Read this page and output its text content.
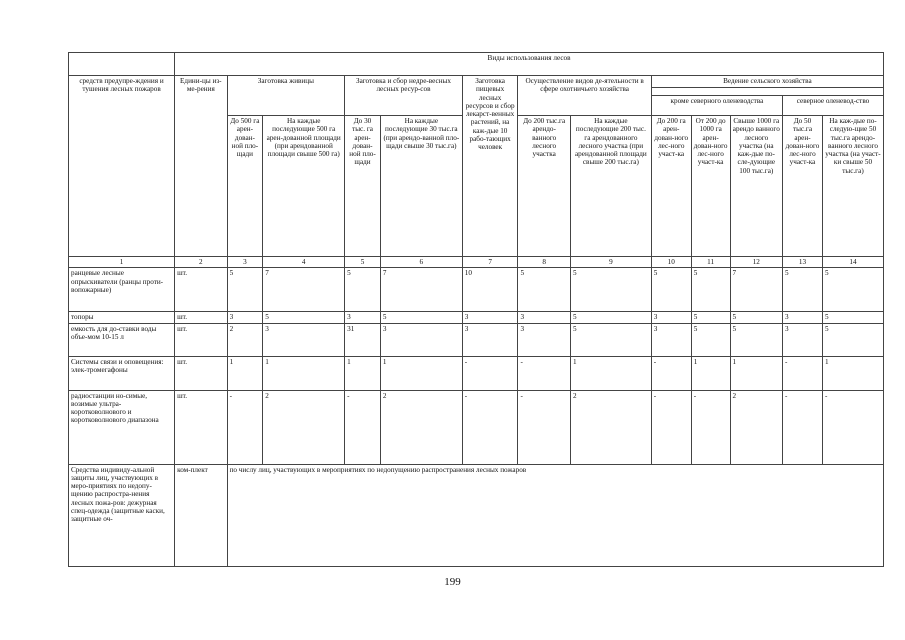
	Виды использования лесов												
средств предупре-ждения и тушения лесных пожаров	Едини-цы из-ме-рения	Заготовка живицы		Заготовка и сбор недре-весных лесных ресур-сов		Заготовка пищевых лесных ресурсов и сбор лекарст-венных растений, на каж-дые 10 рабо-тающих человек	Осуществление видов де-ятельности в сфере охотничьего хозяйства		Ведение сельского хозяйства				

									кроме северного оленеводства			северное оленевод-ство	
		До 500 га арен-дован-ной пло-щади	На каждые последующие 500 га арен-дованной площади (при арендованной площади свыше 500 га)	До 30 тыс. га арен-дован-ной пло-щади	На каждые последующие 30 тыс.га (при арендо-ванной пло-щади свыше 30 тыс.га)		До 200 тыс.га арендо-ванного лесного участка	На каждые последующие 200 тыс. га арендованного лесного участка (при арендованной площади свыше 200 тыс.га)	До 200 га арен-дован-ного лес-ного участ-ка	От 200 до 1000 га арен-дован-ного лес-ного участ-ка	Свыше 1000 га арендо ванного лесного участка (на каж-дые по-сле-дующие 100 тыс.га)	До 50 тыс.га арен-дован-ного лес-ного участ-ка	На каж-дые по-следую-щие 50 тыс.га арендо-ванного лесного участка (на участ-ки свыше 50 тыс.га)
1	2	3	4	5	6	7	8	9	10	11	12	13	14
ранцевые лесные опрыскиватели (ранцы проти-вопожарные)	шт.	5	7	5	7	10	5	5	5	5	7	5	5
топоры	шт.	3	5	3	5	3	3	5	3	5	5	3	5
емкость для до-ставки воды объе-мом 10-15 л	шт.	2	3	31	3	3	3	5	3	5	5	3	5
Системы связи и оповещения: элек-тромегафоны	шт.	1	1	1	1	-	-	1	-	1	1	-	1
радиостанции но-симые, возимые ультра-коротковолнового и коротковолнового диапазона	шт.	-	2	-	2	-	-	2	-	-	2	-	-
Средства индивиду-альной защиты лиц, участвующих в меро-приятиях по недопу-щению распростра-нения лесных пожа-ров: дежурная спец-одежда (защитные каски, защитные оч-	ком-плект	по числу лиц, участвующих в мероприятиях по недопущению распространения лесных пожаров											
199
